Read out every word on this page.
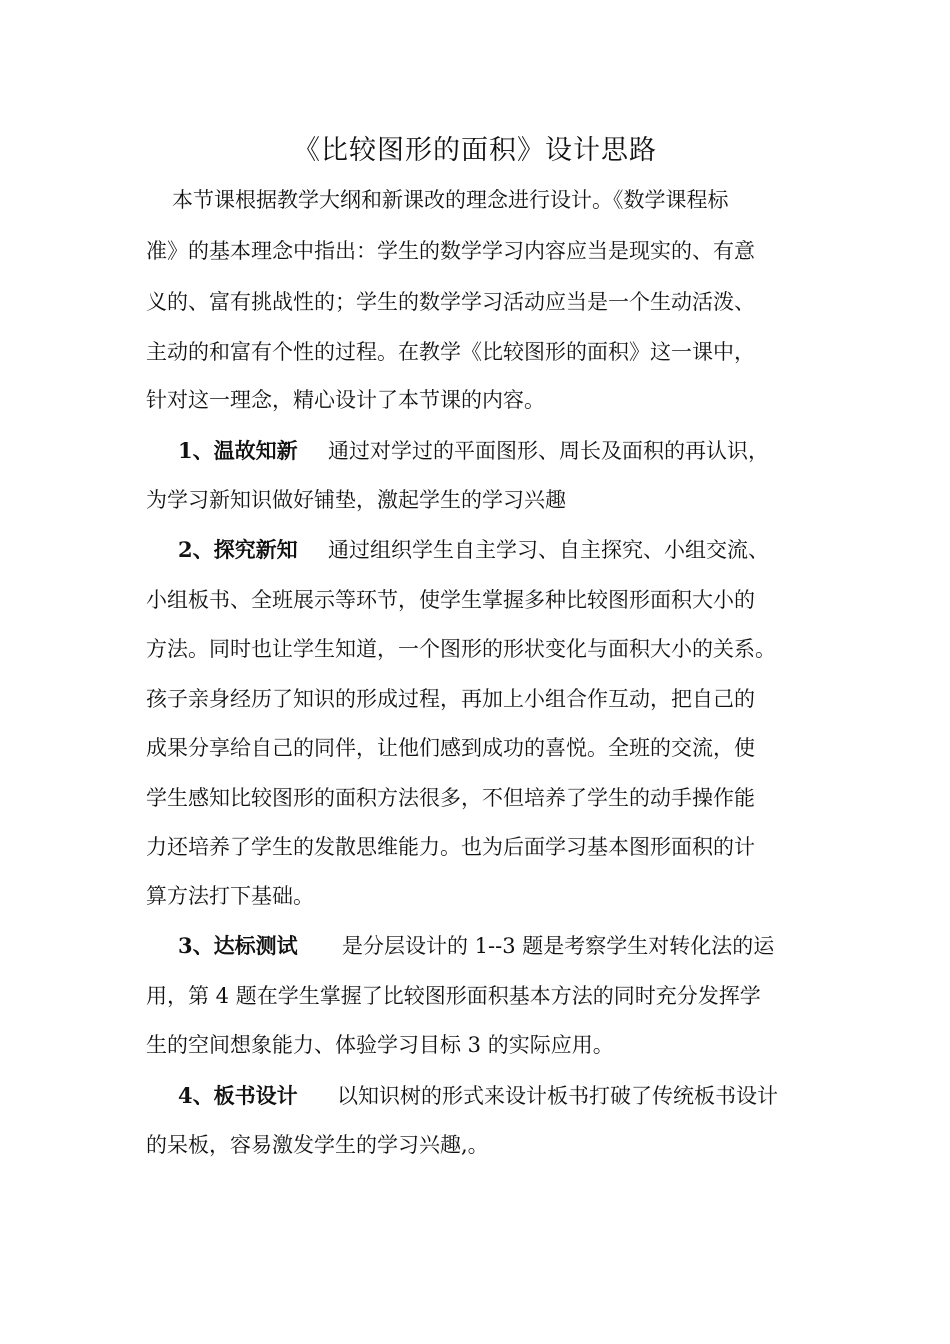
《比较图形的面积》设计思路
本节课根据教学大纲和新课改的理念进行设计。《数学课程标
准》的基本理念中指出：学生的数学学习内容应当是现实的、有意
义的、富有挑战性的；学生的数学学习活动应当是一个生动活泼、
主动的和富有个性的过程。在教学《比较图形的面积》这一课中，
针对这一理念，精心设计了本节课的内容。
1、温故知新 通过对学过的平面图形、周长及面积的再认识，
为学习新知识做好铺垫，激起学生的学习兴趣
2、探究新知 通过组织学生自主学习、自主探究、小组交流、
小组板书、全班展示等环节，使学生掌握多种比较图形面积大小的
方法。同时也让学生知道，一个图形的形状变化与面积大小的关系。
孩子亲身经历了知识的形成过程，再加上小组合作互动，把自己的
成果分享给自己的同伴，让他们感到成功的喜悦。全班的交流，使
学生感知比较图形的面积方法很多，不但培养了学生的动手操作能
力还培养了学生的发散思维能力。也为后面学习基本图形面积的计
算方法打下基础。
3、达标测试 是分层设计的 1--3 题是考察学生对转化法的运
用，第 4 题在学生掌握了比较图形面积基本方法的同时充分发挥学
生的空间想象能力、体验学习目标 3 的实际应用。
4、板书设计 以知识树的形式来设计板书打破了传统板书设计
的呆板，容易激发学生的学习兴趣,。
